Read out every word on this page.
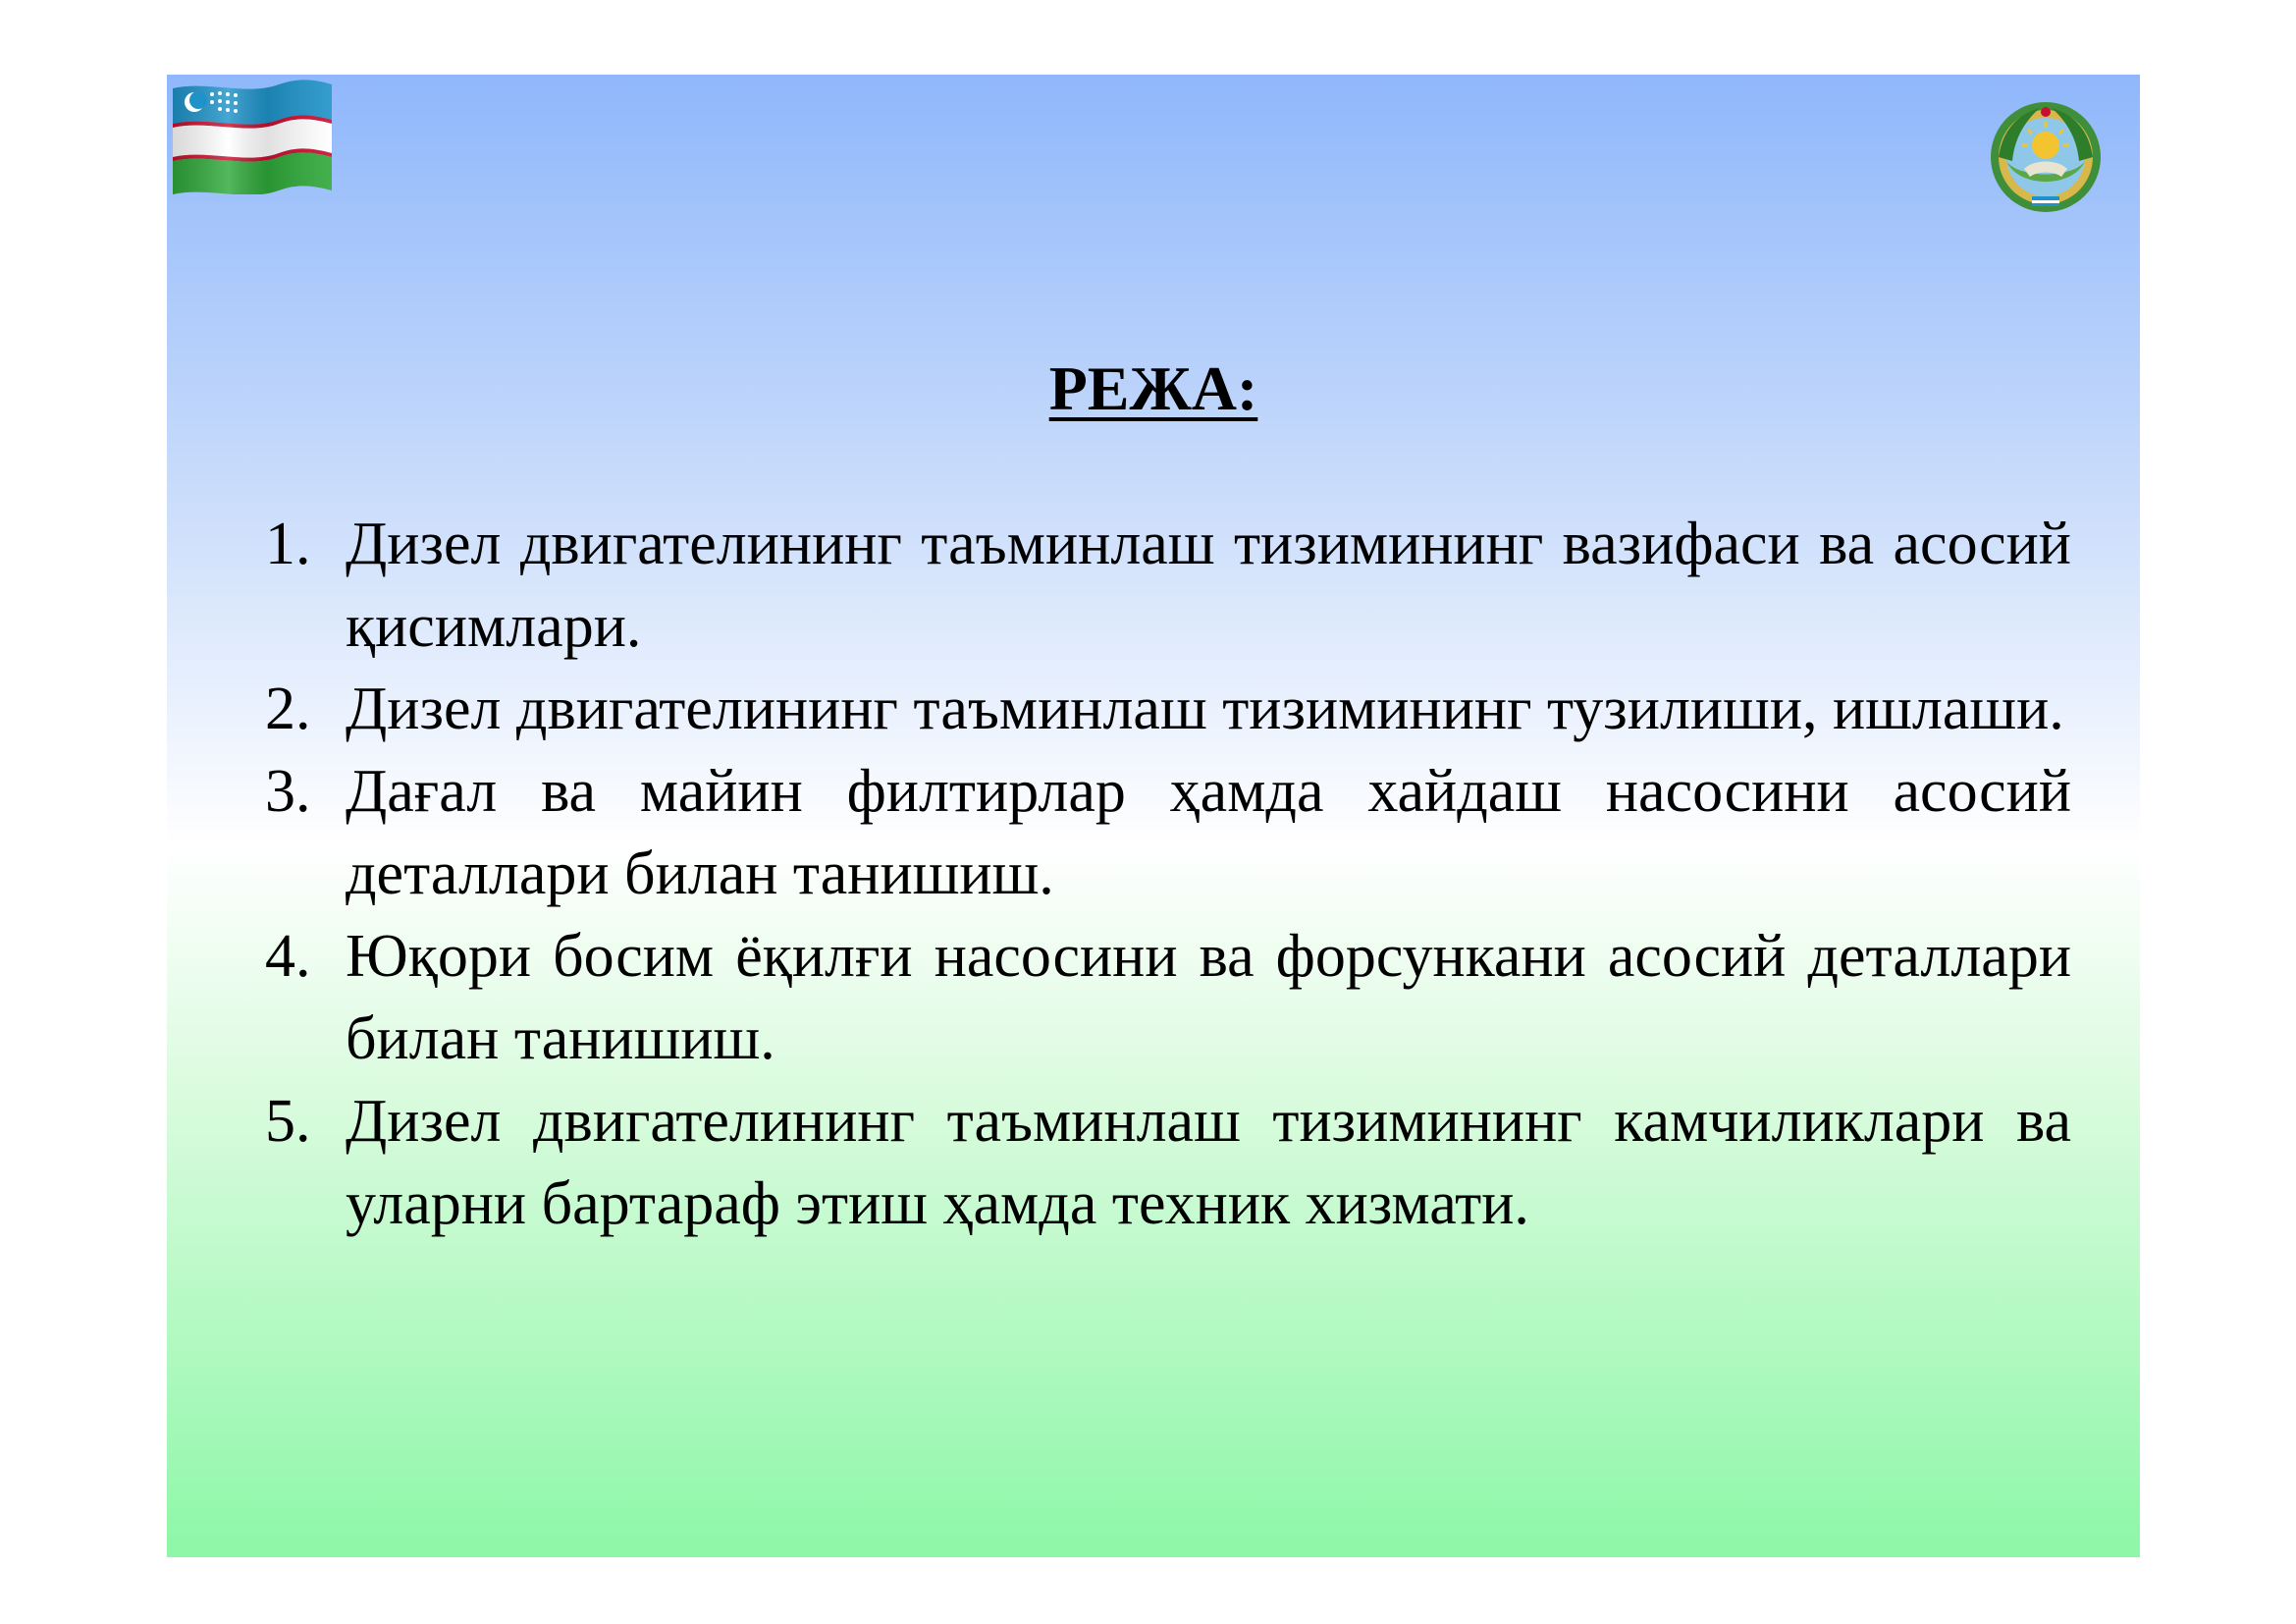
РЕЖА:
1. Дизел двигателининг таъминлаш тизимининг вазифаси ва асосий қисимлари.
2. Дизел двигателининг таъминлаш тизимининг тузилиши, ишлаши.
3. Дағал ва майин филтирлар ҳамда хайдаш насосини асосий деталлари билан танишиш.
4. Юқори босим ёқилғи насосини ва форсункани асосий деталлари билан танишиш.
5. Дизел двигателининг таъминлаш тизимининг камчиликлари ва уларни бартараф этиш ҳамда техник хизмати.
